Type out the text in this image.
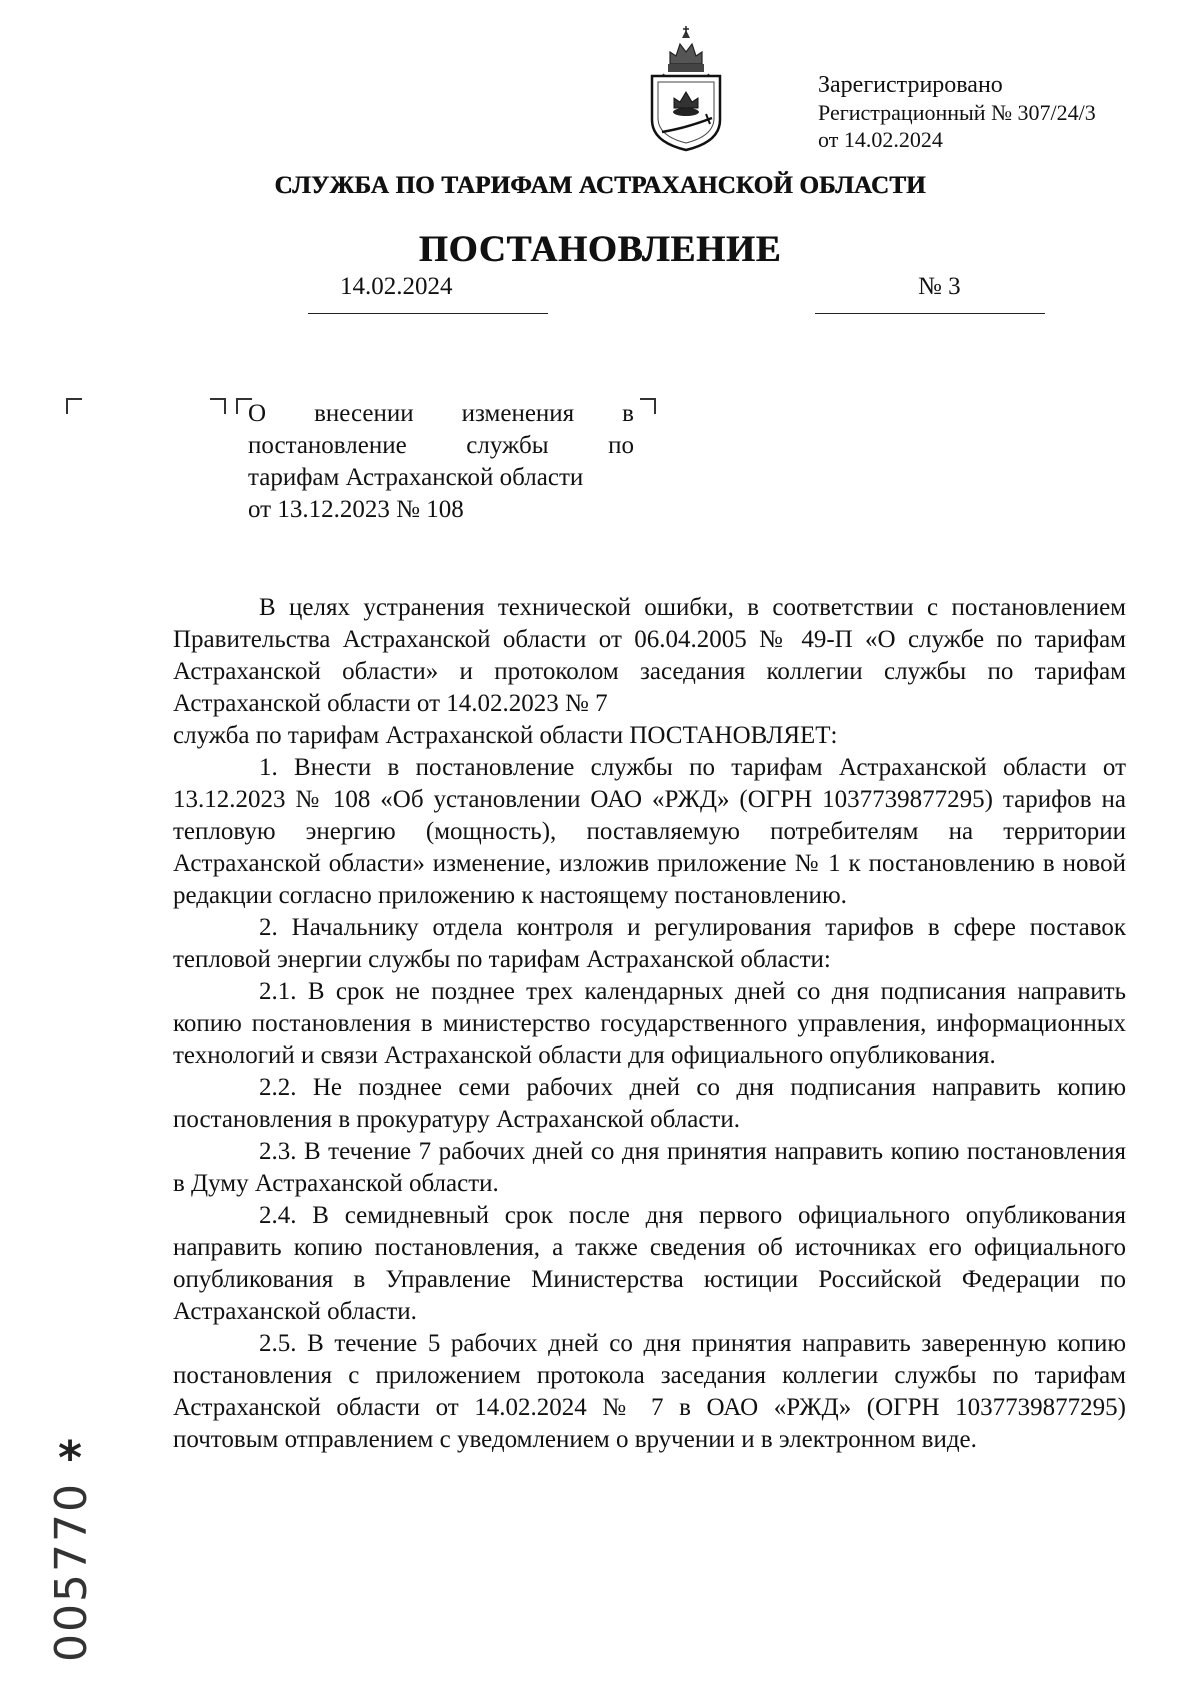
Зарегистрировано
Регистрационный № 307/24/3
от 14.02.2024
СЛУЖБА ПО ТАРИФАМ АСТРАХАНСКОЙ ОБЛАСТИ
ПОСТАНОВЛЕНИЕ
14.02.2024	№ 3
О внесении изменения в
постановление службы по
тарифам Астраханской области
от 13.12.2023 № 108

В целях устранения технической ошибки, в соответствии с постановлением Правительства Астраханской области от 06.04.2005 № 49-П «О службе по тарифам Астраханской области» и протоколом заседания коллегии службы по тарифам Астраханской области от 14.02.2023 № 7

служба по тарифам Астраханской области ПОСТАНОВЛЯЕТ:

1. Внести в постановление службы по тарифам Астраханской области от 13.12.2023 № 108 «Об установлении ОАО «РЖД» (ОГРН 1037739877295) тарифов на тепловую энергию (мощность), поставляемую потребителям на территории Астраханской области» изменение, изложив приложение № 1 к постановлению в новой редакции согласно приложению к настоящему постановлению.

2. Начальнику отдела контроля и регулирования тарифов в сфере поставок тепловой энергии службы по тарифам Астраханской области:

2.1. В срок не позднее трех календарных дней со дня подписания направить копию постановления в министерство государственного управления, информационных технологий и связи Астраханской области для официального опубликования.

2.2. Не позднее семи рабочих дней со дня подписания направить копию постановления в прокуратуру Астраханской области.

2.3. В течение 7 рабочих дней со дня принятия направить копию постановления в Думу Астраханской области.

2.4. В семидневный срок после дня первого официального опубликования направить копию постановления, а также сведения об источниках его официального опубликования в Управление Министерства юстиции Российской Федерации по Астраханской области.

2.5. В течение 5 рабочих дней со дня принятия направить заверенную копию постановления с приложением протокола заседания коллегии службы по тарифам Астраханской области от 14.02.2024 № 7 в ОАО «РЖД» (ОГРН 1037739877295) почтовым отправлением с уведомлением о вручении и в электронном виде.

*
005770
